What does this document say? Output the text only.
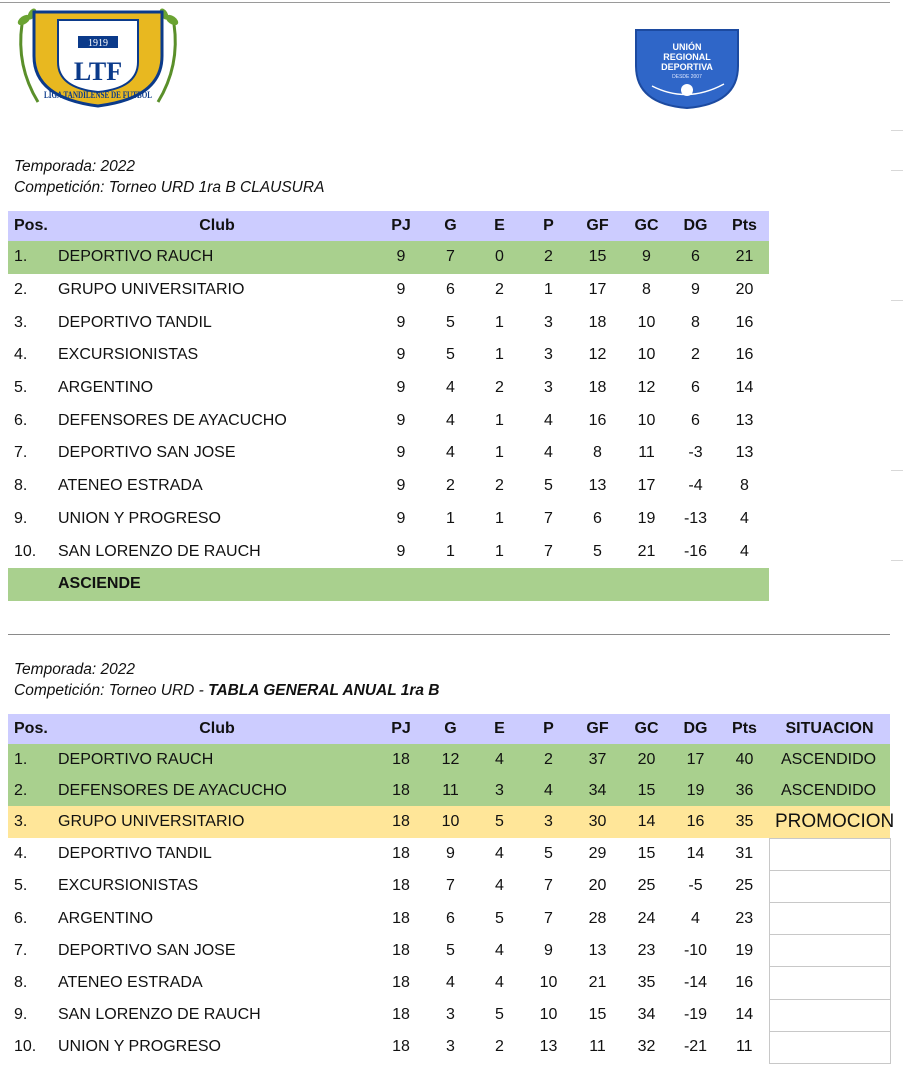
1919
LTF
LIGA TANDILENSE DE FUTBOL
UNIÓN
REGIONAL
DEPORTIVA
DESDE 2007
Temporada: 2022
Competición: Torneo URD 1ra B CLAUSURA
Pos.	Club	PJ	G	E	P	GF	GC	DG	Pts
1.	DEPORTIVO RAUCH	9	7	0	2	15	9	6	21
2.	GRUPO UNIVERSITARIO	9	6	2	1	17	8	9	20
3.	DEPORTIVO TANDIL	9	5	1	3	18	10	8	16
4.	EXCURSIONISTAS	9	5	1	3	12	10	2	16
5.	ARGENTINO	9	4	2	3	18	12	6	14
6.	DEFENSORES DE AYACUCHO	9	4	1	4	16	10	6	13
7.	DEPORTIVO SAN JOSE	9	4	1	4	8	11	-3	13
8.	ATENEO ESTRADA	9	2	2	5	13	17	-4	8
9.	UNION Y PROGRESO	9	1	1	7	6	19	-13	4
10.	SAN LORENZO DE RAUCH	9	1	1	7	5	21	-16	4
	ASCIENDE								
Temporada: 2022
Competición: Torneo URD - TABLA GENERAL ANUAL 1ra B
Pos.	Club	PJ	G	E	P	GF	GC	DG	Pts	SITUACION
1.	DEPORTIVO RAUCH	18	12	4	2	37	20	17	40	ASCENDIDO
2.	DEFENSORES DE AYACUCHO	18	11	3	4	34	15	19	36	ASCENDIDO
3.	GRUPO UNIVERSITARIO	18	10	5	3	30	14	16	35	PROMOCION
4.	DEPORTIVO TANDIL	18	9	4	5	29	15	14	31	
5.	EXCURSIONISTAS	18	7	4	7	20	25	-5	25	
6.	ARGENTINO	18	6	5	7	28	24	4	23	
7.	DEPORTIVO SAN JOSE	18	5	4	9	13	23	-10	19	
8.	ATENEO ESTRADA	18	4	4	10	21	35	-14	16	
9.	SAN LORENZO DE RAUCH	18	3	5	10	15	34	-19	14	
10.	UNION Y PROGRESO	18	3	2	13	11	32	-21	11	
